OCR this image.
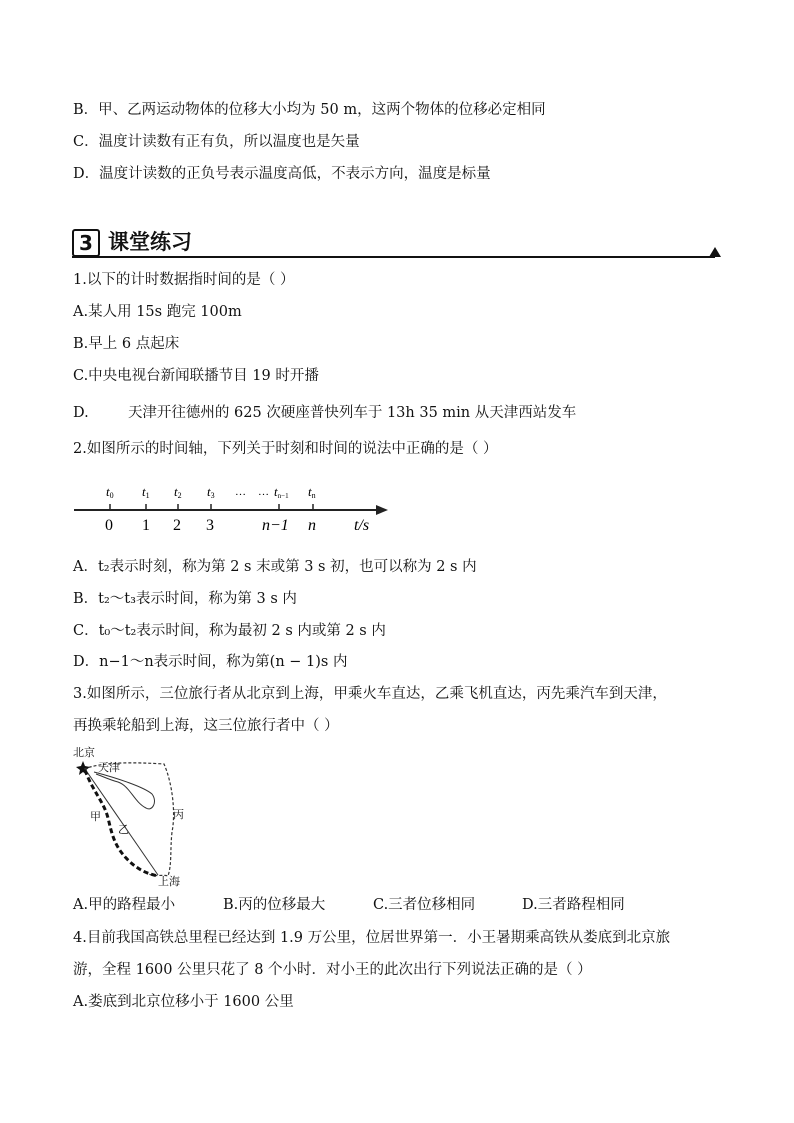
B．甲、乙两运动物体的位移大小均为 50 m，这两个物体的位移必定相同
C．温度计读数有正有负，所以温度也是矢量
D．温度计读数的正负号表示温度高低，不表示方向，温度是标量
3 课堂练习
1.以下的计时数据指时间的是（ ）
A.某人用 15s 跑完 100m
B.早上 6 点起床
C.中央电视台新闻联播节目 19 时开播
D.	天津开往德州的 625 次硬座普快列车于 13h 35 min 从天津西站发车
2.如图所示的时间轴，下列关于时刻和时间的说法中正确的是（ ）
t0 t1 t2 t3 … … tn−1 tn
0 1 2 3	n−1 n t/s
A．t₂表示时刻，称为第 2 s 末或第 3 s 初，也可以称为 2 s 内
B．t₂～t₃表示时间，称为第 3 s 内
C．t₀～t₂表示时间，称为最初 2 s 内或第 2 s 内
D．n−1～n表示时间，称为第(n − 1)s 内
3.如图所示，三位旅行者从北京到上海，甲乘火车直达，乙乘飞机直达，丙先乘汽车到天津，
再换乘轮船到上海，这三位旅行者中（ ）
北京
天津
甲
乙
丙
上海
A.甲的路程最小	B.丙的位移最大	C.三者位移相同	D.三者路程相同
4.目前我国高铁总里程已经达到 1.9 万公里，位居世界第一．小王暑期乘高铁从娄底到北京旅
游，全程 1600 公里只花了 8 个小时．对小王的此次出行下列说法正确的是（ ）
A.娄底到北京位移小于 1600 公里
